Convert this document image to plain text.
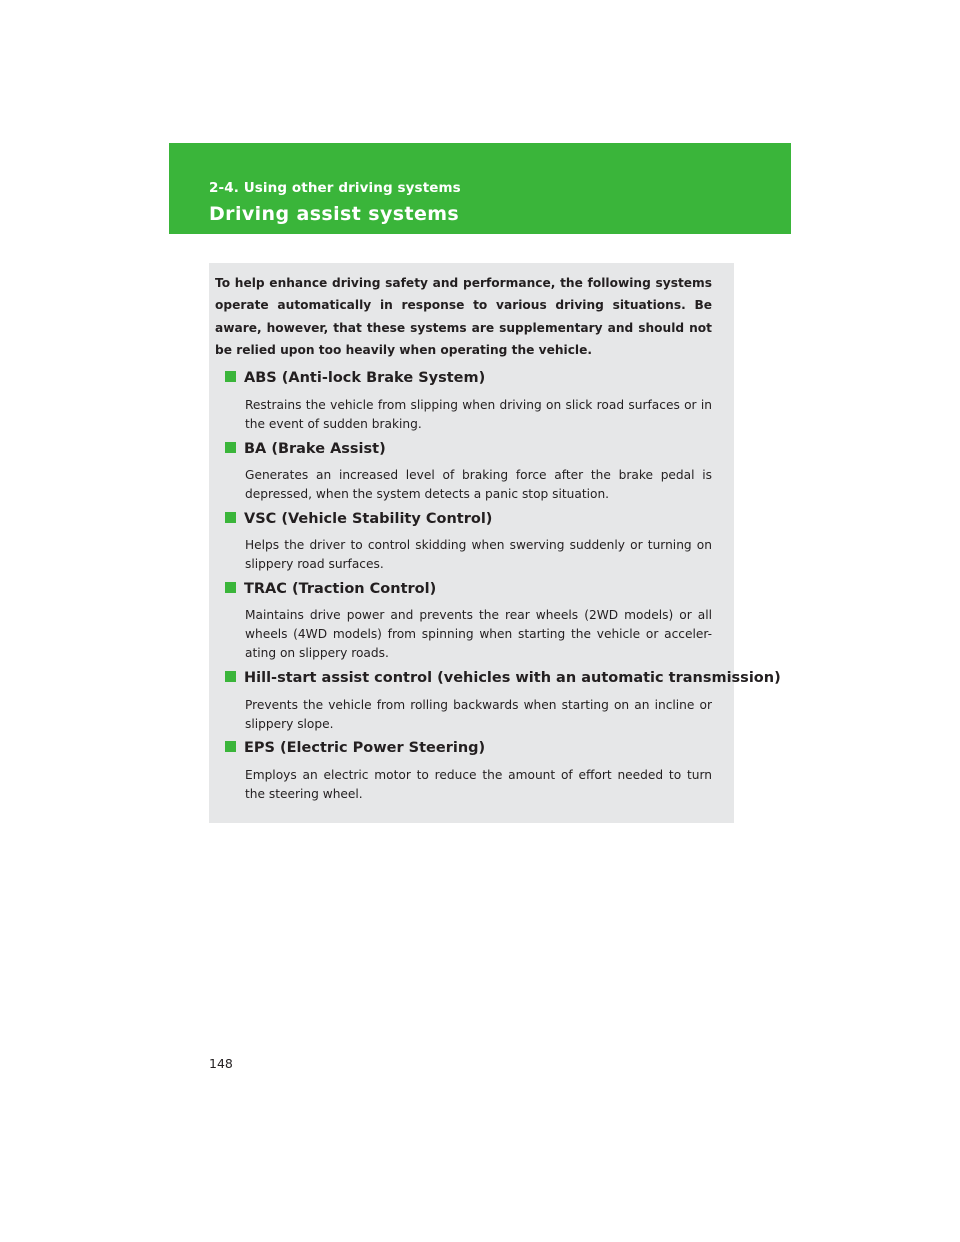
2-4. Using other driving systems
Driving assist systems
To help enhance driving safety and performance, the following systems operate automatically in response to various driving situations. Be aware, however, that these systems are supplementary and should not be relied upon too heavily when operating the vehicle.
ABS (Anti-lock Brake System)
Restrains the vehicle from slipping when driving on slick road surfaces or in the event of sudden braking.
BA (Brake Assist)
Generates an increased level of braking force after the brake pedal is depressed, when the system detects a panic stop situation.
VSC (Vehicle Stability Control)
Helps the driver to control skidding when swerving suddenly or turning on slippery road surfaces.
TRAC (Traction Control)
Maintains drive power and prevents the rear wheels (2WD models) or all wheels (4WD models) from spinning when starting the vehicle or acceler-ating on slippery roads.
Hill-start assist control (vehicles with an automatic transmission)
Prevents the vehicle from rolling backwards when starting on an incline or slippery slope.
EPS (Electric Power Steering)
Employs an electric motor to reduce the amount of effort needed to turn the steering wheel.
148
